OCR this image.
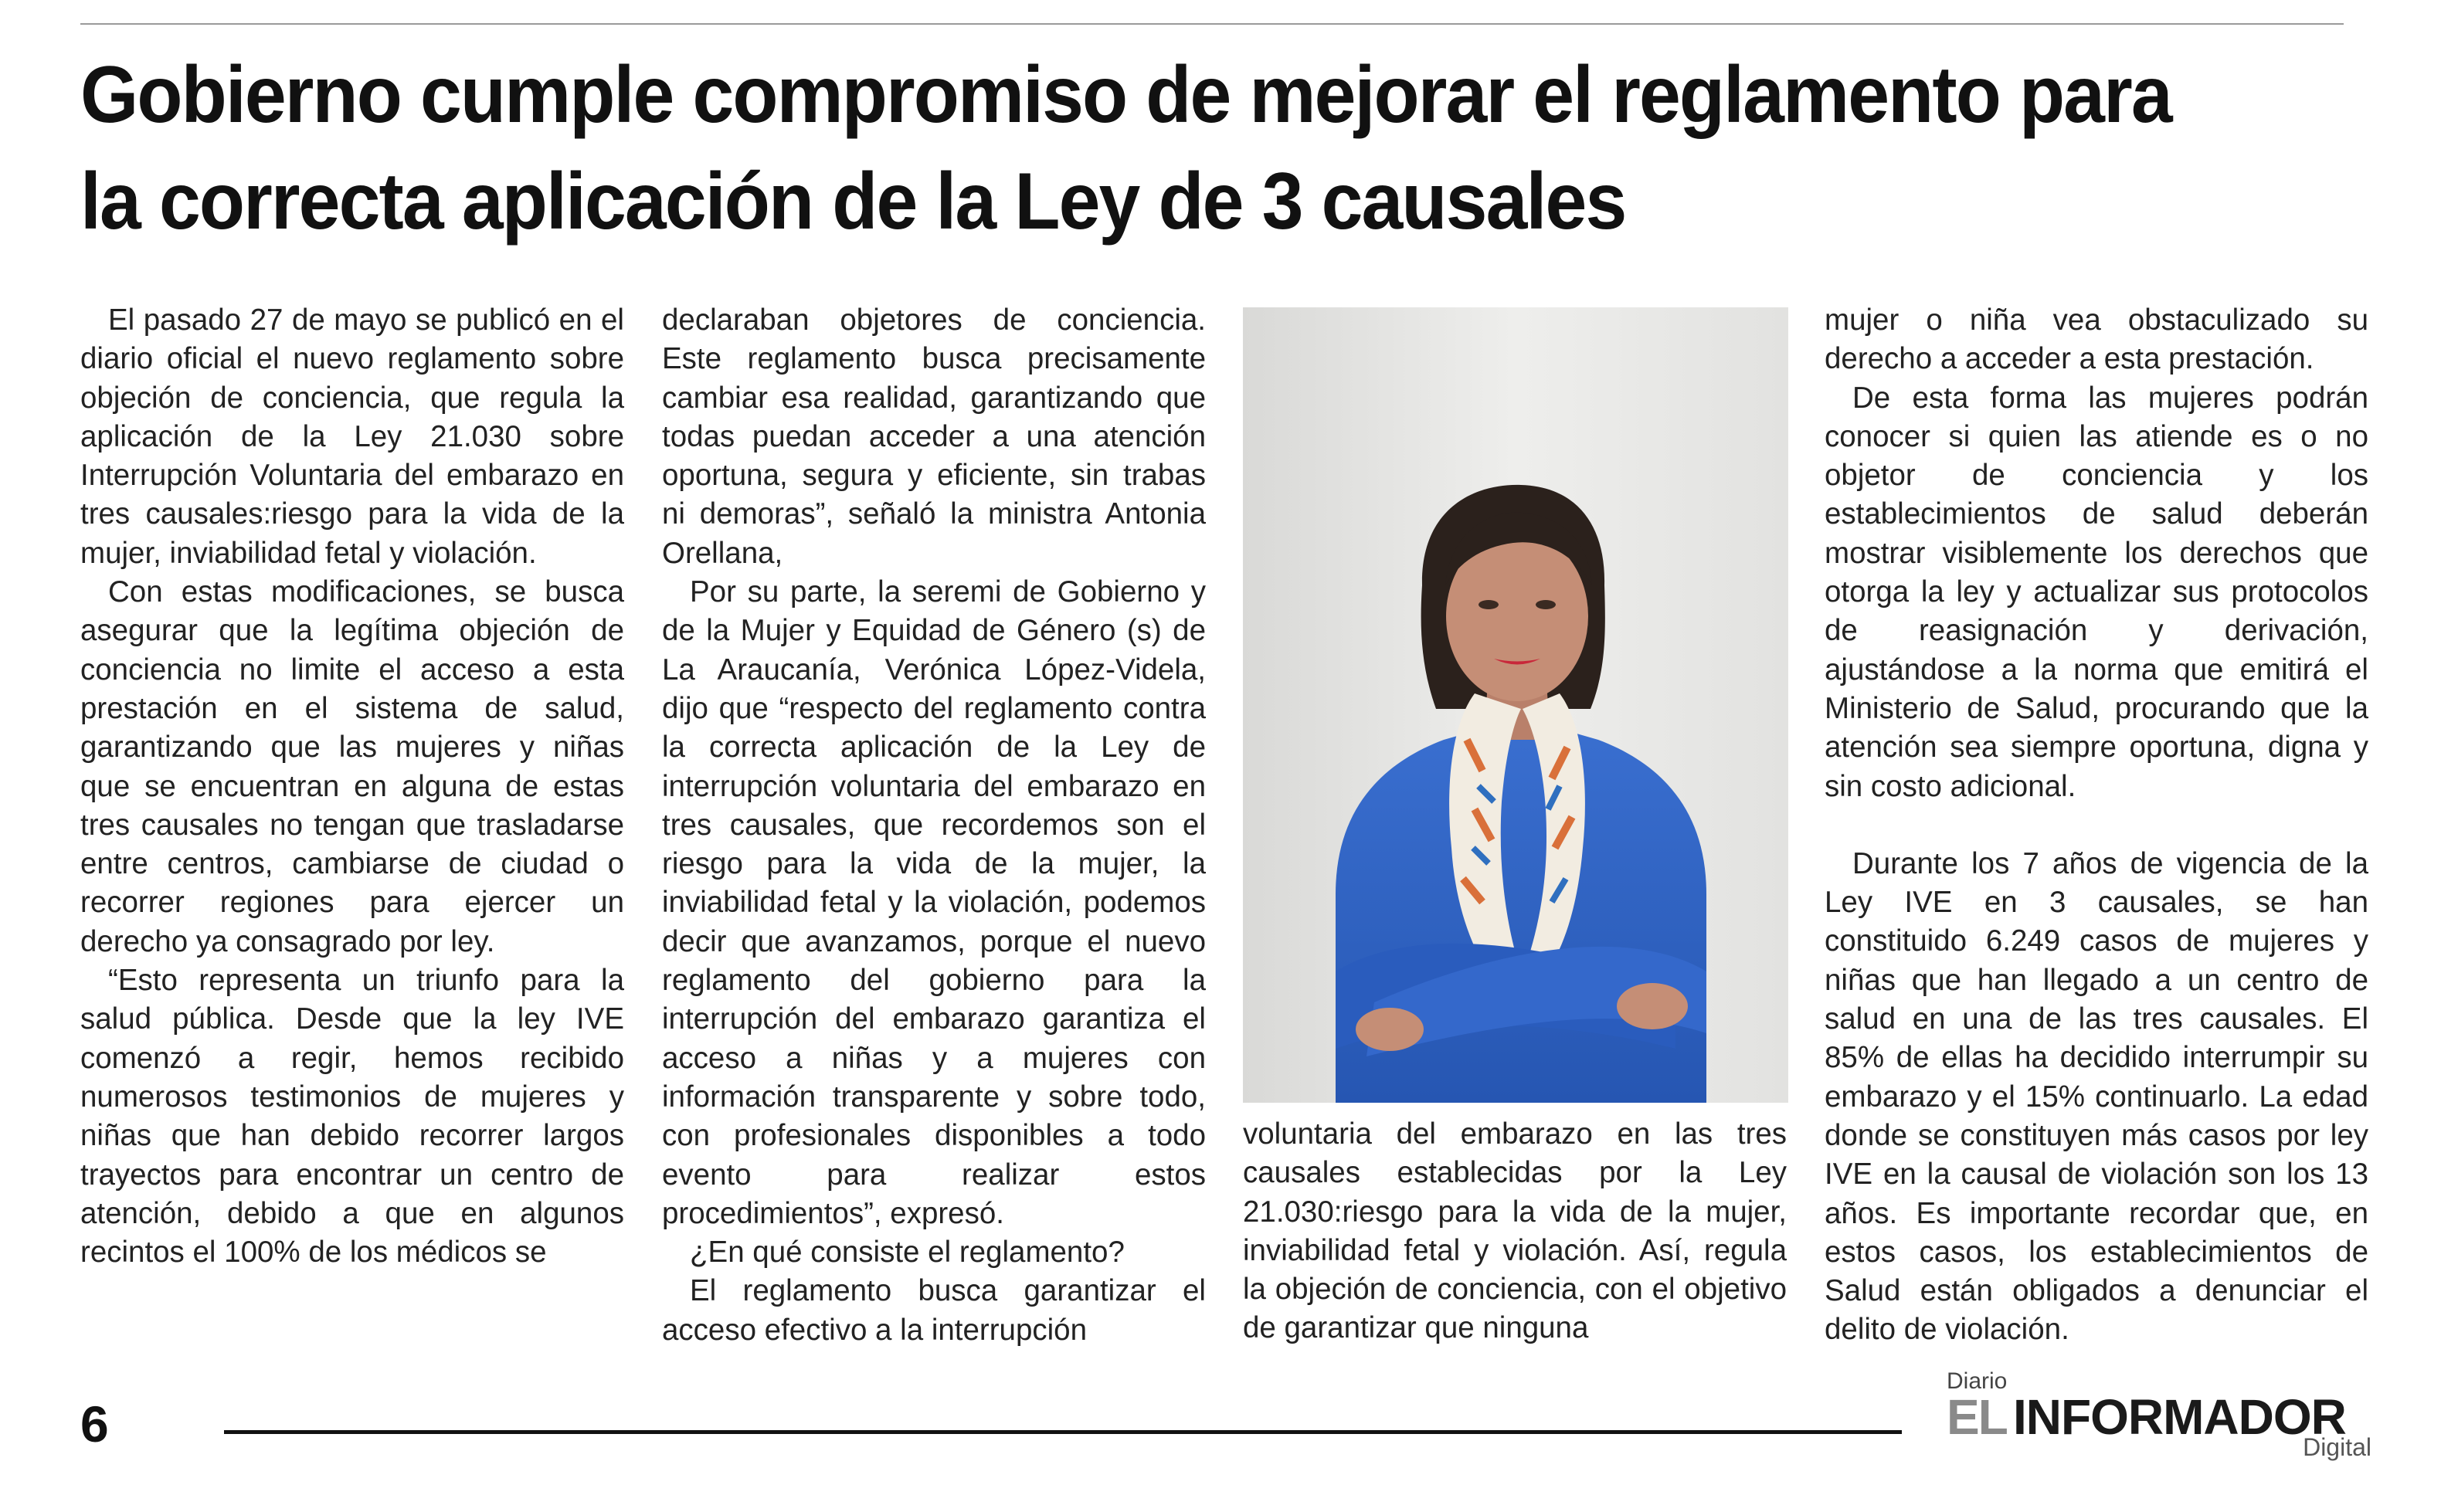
Gobierno cumple compromiso de mejorar el reglamento para la correcta aplicación de la Ley de 3 causales

El pasado 27 de mayo se publicó en el diario oficial el nuevo reglamento sobre objeción de conciencia, que regula la aplicación de la Ley 21.030 sobre Interrupción Voluntaria del embarazo en tres causales:riesgo para la vida de la mujer, inviabilidad fetal y violación.

Con estas modificaciones, se busca asegurar que la legítima objeción de conciencia no limite el acceso a esta prestación en el sistema de salud, garantizando que las mujeres y niñas que se encuentran en alguna de estas tres causales no tengan que trasladarse entre centros, cambiarse de ciudad o recorrer regiones para ejercer un derecho ya consagrado por ley.

“Esto representa un triunfo para la salud pública. Desde que la ley IVE comenzó a regir, hemos recibido numerosos testimonios de mujeres y niñas que han debido recorrer largos trayectos para encontrar un centro de atención, debido a que en algunos recintos el 100% de los médicos se

declaraban objetores de conciencia. Este reglamento busca precisamente cambiar esa realidad, garantizando que todas puedan acceder a una atención oportuna, segura y eficiente, sin trabas ni demoras”, señaló la ministra Antonia Orellana,

Por su parte, la seremi de Gobierno y de la Mujer y Equidad de Género (s) de La Araucanía, Verónica López-Videla, dijo que “respecto del reglamento contra la correcta aplicación de la Ley de interrupción voluntaria del embarazo en tres causales, que recordemos son el riesgo para la vida de la mujer, la inviabilidad fetal y la violación, podemos decir que avanzamos, porque el nuevo reglamento del gobierno para la interrupción del embarazo garantiza el acceso a niñas y a mujeres con información transparente y sobre todo, con profesionales disponibles a todo evento para realizar estos procedimientos”, expresó.

¿En qué consiste el reglamento?

El reglamento busca garantizar el acceso efectivo a la interrupción

voluntaria del embarazo en las tres causales establecidas por la Ley 21.030:riesgo para la vida de la mujer, inviabilidad fetal y violación. Así, regula la objeción de conciencia, con el objetivo de garantizar que ninguna

mujer o niña vea obstaculizado su derecho a acceder a esta prestación.

De esta forma las mujeres podrán conocer si quien las atiende es o no objetor de conciencia y los establecimientos de salud deberán mostrar visiblemente los derechos que otorga la ley y actualizar sus protocolos de reasignación y derivación, ajustándose a la norma que emitirá el Ministerio de Salud, procurando que la atención sea siempre oportuna, digna y sin costo adicional.

Durante los 7 años de vigencia de la Ley IVE en 3 causales, se han constituido 6.249 casos de mujeres y niñas que han llegado a un centro de salud en una de las tres causales. El 85% de ellas ha decidido interrumpir su embarazo y el 15% continuarlo. La edad donde se constituyen más casos por ley IVE en la causal de violación son los 13 años. Es importante recordar que, en estos casos, los establecimientos de Salud están obligados a denunciar el delito de violación.

6
Diario
EL INFORMADOR
Digital
